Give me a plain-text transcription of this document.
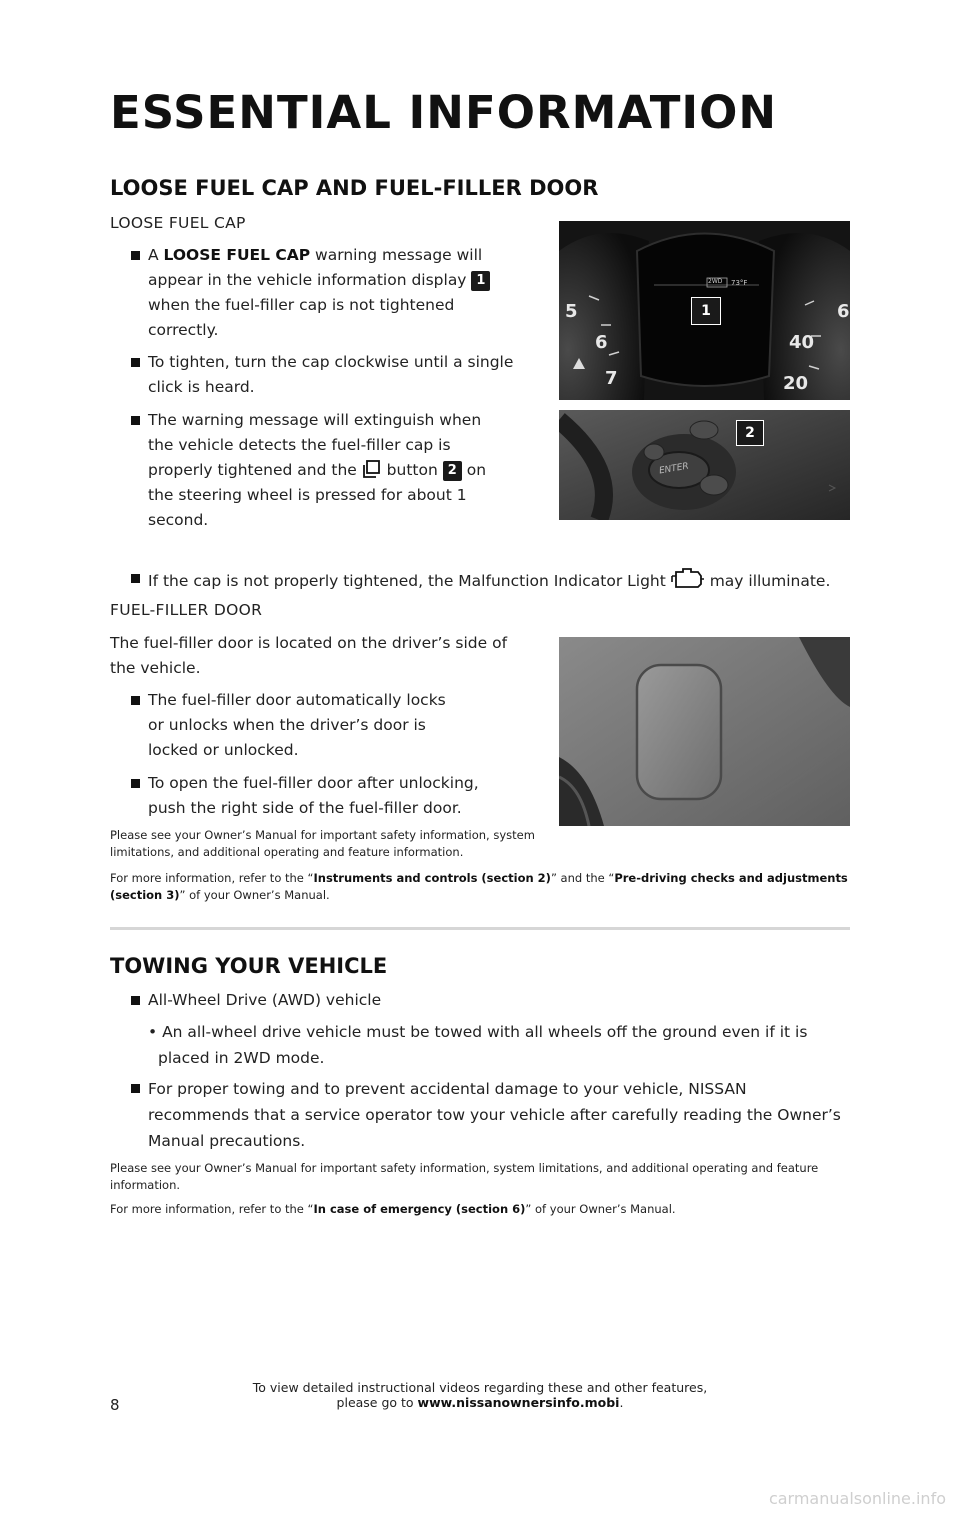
ESSENTIAL INFORMATION
LOOSE FUEL CAP AND FUEL-FILLER DOOR
LOOSE FUEL CAP
A LOOSE FUEL CAP warning message will appear in the vehicle information display 1 when the fuel-filler cap is not tightened correctly.
To tighten, turn the cap clockwise until a single click is heard.
The warning message will extinguish when the vehicle detects the fuel-filler cap is properly tightened and the  button 2 on the steering wheel is pressed for about 1 second.
If the cap is not properly tightened, the Malfunction Indicator Light  may illuminate.
FUEL-FILLER DOOR
The fuel-filler door is located on the driver’s side of the vehicle.
The fuel-filler door automatically locks or unlocks when the driver’s door is locked or unlocked.
To open the fuel-filler door after unlocking, push the right side of the fuel-filler door.
Please see your Owner’s Manual for important safety information, system limitations, and additional operating and feature information.
For more information, refer to the “Instruments and controls (section 2)” and the “Pre-driving checks and adjustments (section 3)” of your Owner’s Manual.
2WD 73°F
5
6
7
6
40
20
1
ENTER
2
TOWING YOUR VEHICLE
All-Wheel Drive (AWD) vehicle
• An all-wheel drive vehicle must be towed with all wheels off the ground even if it is placed in 2WD mode.
For proper towing and to prevent accidental damage to your vehicle, NISSAN recommends that a service operator tow your vehicle after carefully reading the Owner’s Manual precautions.
Please see your Owner’s Manual for important safety information, system limitations, and additional operating and feature information.
For more information, refer to the “In case of emergency (section 6)” of your Owner’s Manual.
8
To view detailed instructional videos regarding these and other features,
please go to www.nissanownersinfo.mobi.
carmanualsonline.info
